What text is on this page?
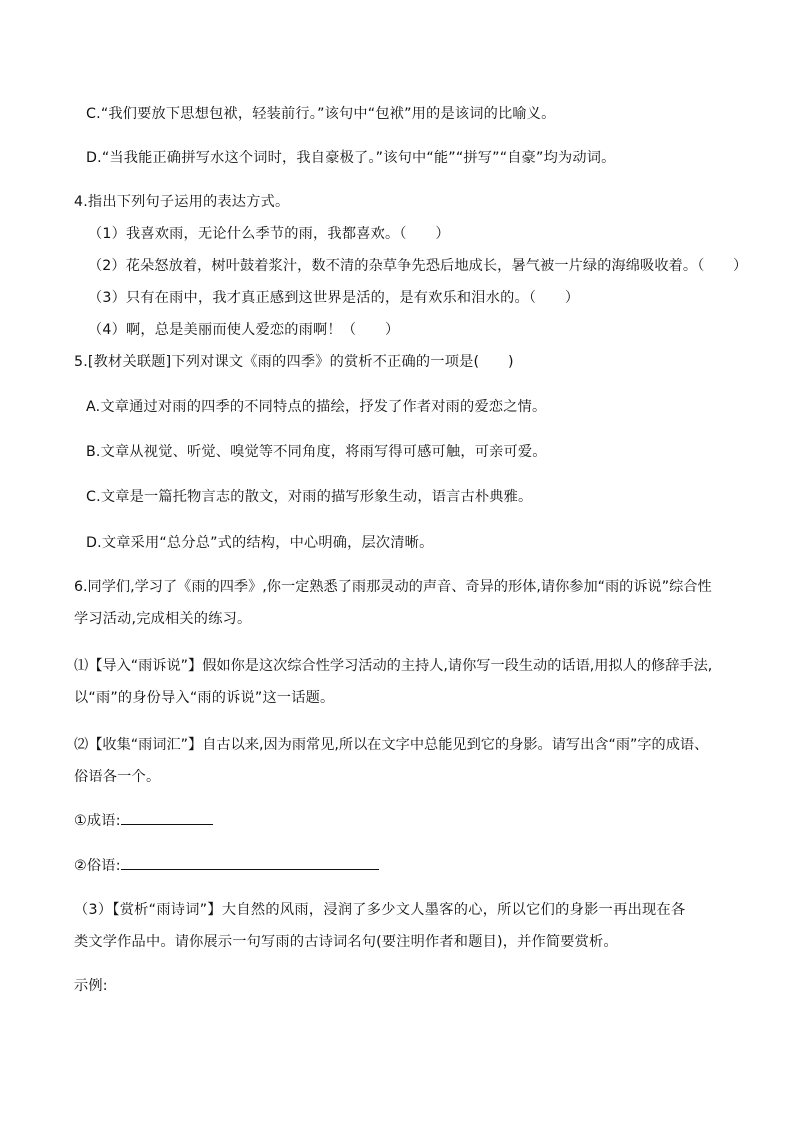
C.“我们要放下思想包袱，轻装前行。”该句中“包袱”用的是该词的比喻义。
D.“当我能正确拼写水这个词时，我自豪极了。”该句中“能”“拼写”“自豪”均为动词。
4.指出下列句子运用的表达方式。
（1）我喜欢雨，无论什么季节的雨，我都喜欢。（　　）
（2）花朵怒放着，树叶鼓着浆汁，数不清的杂草争先恐后地成长，暑气被一片绿的海绵吸收着。（　　）
（3）只有在雨中，我才真正感到这世界是活的，是有欢乐和泪水的。（　　）
（4）啊，总是美丽而使人爱恋的雨啊！（　　）
5.[教材关联题]下列对课文《雨的四季》的赏析不正确的一项是(　　)
A.文章通过对雨的四季的不同特点的描绘，抒发了作者对雨的爱恋之情。
B.文章从视觉、听觉、嗅觉等不同角度，将雨写得可感可触，可亲可爱。
C.文章是一篇托物言志的散文，对雨的描写形象生动，语言古朴典雅。
D.文章采用“总分总”式的结构，中心明确，层次清晰。
6.同学们,学习了《雨的四季》,你一定熟悉了雨那灵动的声音、奇异的形体,请你参加“雨的诉说”综合性
学习活动,完成相关的练习。
⑴【导入“雨诉说”】假如你是这次综合性学习活动的主持人,请你写一段生动的话语,用拟人的修辞手法,
以“雨”的身份导入“雨的诉说”这一话题。
⑵【收集“雨词汇”】自古以来,因为雨常见,所以在文字中总能见到它的身影。请写出含“雨”字的成语、
俗语各一个。
①成语:
②俗语:
（3）【赏析“雨诗词”】大自然的风雨，浸润了多少文人墨客的心，所以它们的身影一再出现在各
类文学作品中。请你展示一句写雨的古诗词名句(要注明作者和题目)，并作简要赏析。
示例:
